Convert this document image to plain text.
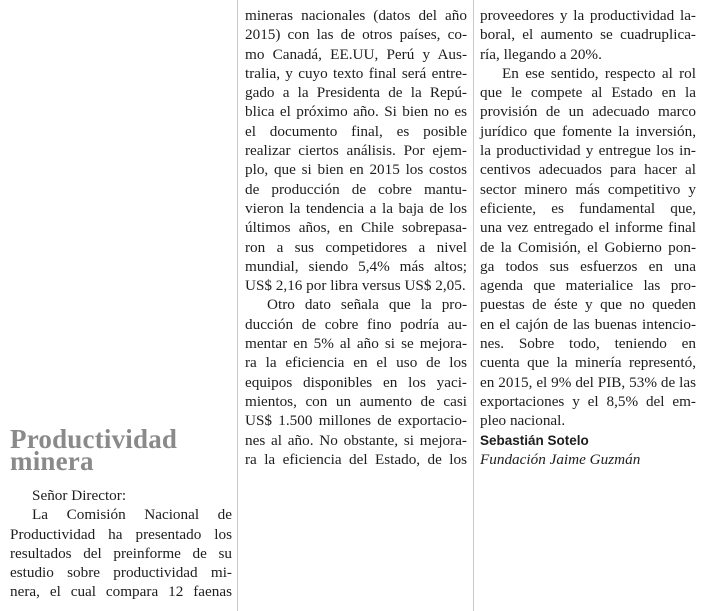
Productividad
minera
Señor Director:
La Comisión Nacional de
Productividad ha presentado los
resultados del preinforme de su
estudio sobre productividad mi-
nera, el cual compara 12 faenas
mineras nacionales (datos del año
2015) con las de otros países, co-
mo Canadá, EE.UU, Perú y Aus-
tralia, y cuyo texto final será entre-
gado a la Presidenta de la Repú-
blica el próximo año. Si bien no es
el documento final, es posible
realizar ciertos análisis. Por ejem-
plo, que si bien en 2015 los costos
de producción de cobre mantu-
vieron la tendencia a la baja de los
últimos años, en Chile sobrepasa-
ron a sus competidores a nivel
mundial, siendo 5,4% más altos;
US$ 2,16 por libra versus US$ 2,05.
Otro dato señala que la pro-
ducción de cobre fino podría au-
mentar en 5% al año si se mejora-
ra la eficiencia en el uso de los
equipos disponibles en los yaci-
mientos, con un aumento de casi
US$ 1.500 millones de exportacio-
nes al año. No obstante, si mejora-
ra la eficiencia del Estado, de los
proveedores y la productividad la-
boral, el aumento se cuadruplica-
ría, llegando a 20%.
En ese sentido, respecto al rol
que le compete al Estado en la
provisión de un adecuado marco
jurídico que fomente la inversión,
la productividad y entregue los in-
centivos adecuados para hacer al
sector minero más competitivo y
eficiente, es fundamental que,
una vez entregado el informe final
de la Comisión, el Gobierno pon-
ga todos sus esfuerzos en una
agenda que materialice las pro-
puestas de éste y que no queden
en el cajón de las buenas intencio-
nes. Sobre todo, teniendo en
cuenta que la minería representó,
en 2015, el 9% del PIB, 53% de las
exportaciones y el 8,5% del em-
pleo nacional.
Sebastián Sotelo
Fundación Jaime Guzmán
